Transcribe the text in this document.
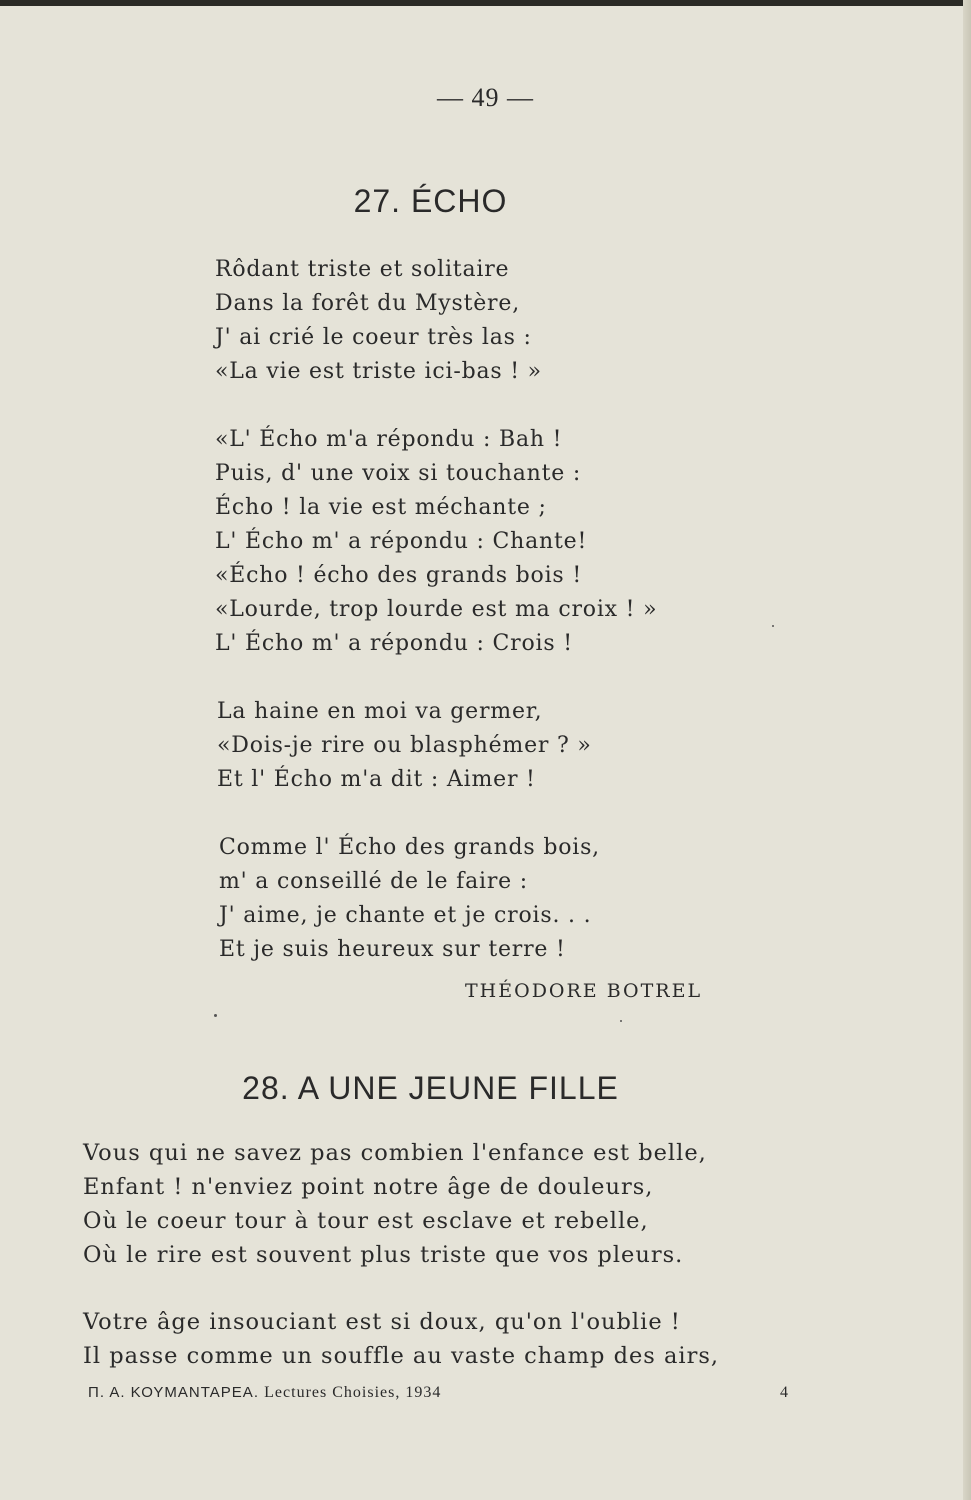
— 49 —
27. ÉCHO
Rôdant triste et solitaire
Dans la forêt du Mystère,
J' ai crié le coeur très las :
«La vie est triste ici-bas ! »
«L' Écho m'a répondu : Bah !
Puis, d' une voix si touchante :
Écho ! la vie est méchante ;
L' Écho m' a répondu : Chante!
«Écho ! écho des grands bois !
«Lourde, trop lourde est ma croix ! »
L' Écho m' a répondu : Crois !
La haine en moi va germer,
«Dois-je rire ou blasphémer ? »
Et l' Écho m'a dit : Aimer !
Comme l' Écho des grands bois,
m' a conseillé de le faire :
J' aime, je chante et je crois. . .
Et je suis heureux sur terre !
THÉODORE BOTREL
28. A UNE JEUNE FILLE
Vous qui ne savez pas combien l'enfance est belle,
Enfant ! n'enviez point notre âge de douleurs,
Où le coeur tour à tour est esclave et rebelle,
Où le rire est souvent plus triste que vos pleurs.
Votre âge insouciant est si doux, qu'on l'oublie !
Il passe comme un souffle au vaste champ des airs,
Π. Α. ΚΟΥΜΑΝΤΑΡΕΑ. Lectures Choisies, 1934	4
